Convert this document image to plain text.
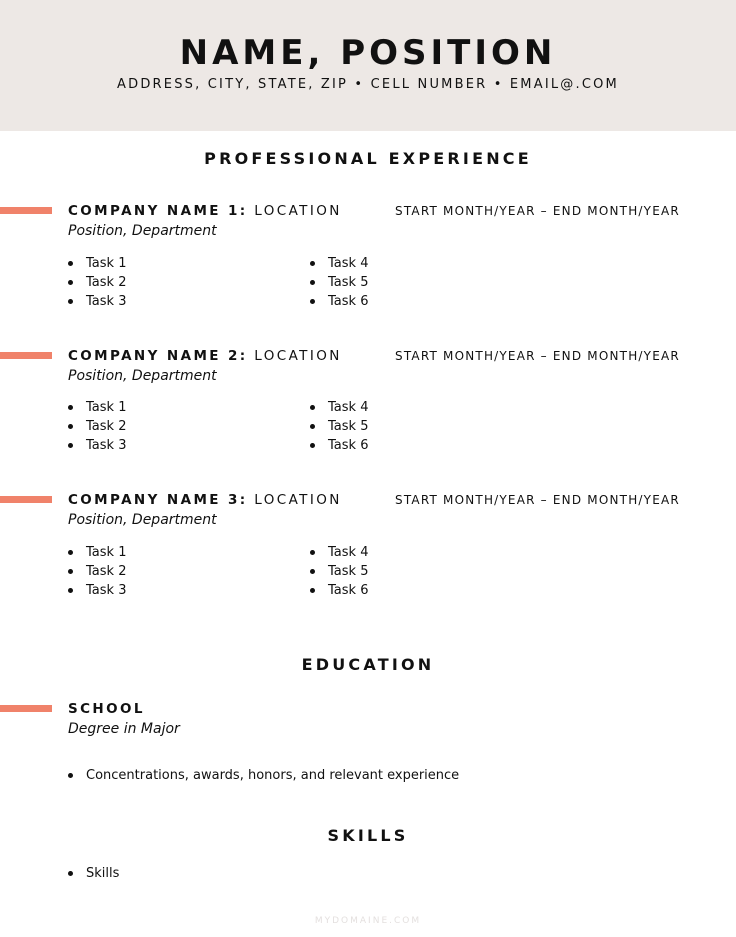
NAME, POSITION
ADDRESS, CITY, STATE, ZIP • CELL NUMBER • EMAIL@.COM
PROFESSIONAL EXPERIENCE
COMPANY NAME 1: LOCATION	START MONTH/YEAR – END MONTH/YEAR
Position, Department
Task 1
Task 2
Task 3
Task 4
Task 5
Task 6
COMPANY NAME 2: LOCATION	START MONTH/YEAR – END MONTH/YEAR
Position, Department
Task 1
Task 2
Task 3
Task 4
Task 5
Task 6
COMPANY NAME 3: LOCATION	START MONTH/YEAR – END MONTH/YEAR
Position, Department
Task 1
Task 2
Task 3
Task 4
Task 5
Task 6
EDUCATION
SCHOOL
Degree in Major
Concentrations, awards, honors, and relevant experience
SKILLS
Skills
MYDOMAINE.COM
